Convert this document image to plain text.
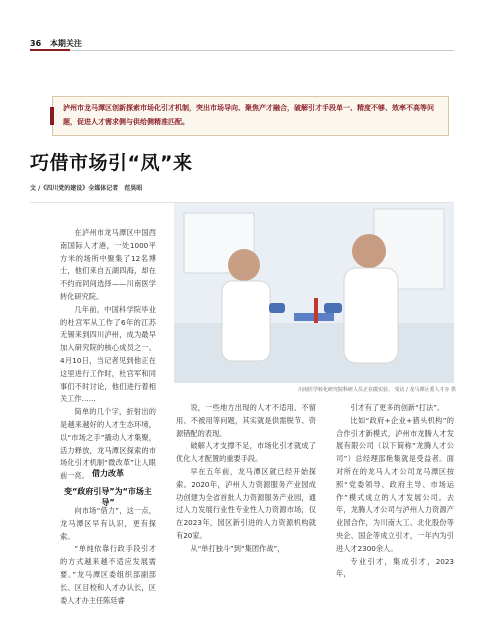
36 本期关注

泸州市龙马潭区创新探索市场化引才机制，突出市场导向、聚焦产才融合，破解引才手段单一、精度不够、效率不高等问题，促进人才需求侧与供给侧精准匹配。

巧借市场引“凤”来
文 /《四川党的建设》全媒体记者　范昊昭

在泸州市龙马潭区中国西南国际人才港，一处1000平方米的场所中聚集了12名博士，他们来自五湖四海，却在不约而同间选择——川南医学转化研究院。

几年前，中国科学院毕业的杜宫军从工作了6年的江苏无锡来到四川泸州，成为最早加入研究院的核心成员之一。4月10日，当记者见到他正在这里进行工作时，杜宫军和同事们不时讨论，他们进行着相关工作……

简单的几个字，折射出的是越来越好的人才生态环境，以“市场之手”撬动人才集聚，活力释放，龙马潭区探索的市场化引才机制“微改革”让人眼前一亮。 借力改革
变“政府引导”为“市场主导”

向市场“借力”，这一点，龙马潭区早有认识，更有探索。

“单纯依靠行政手段引才的方式越来越不适应发展需要。”龙马潭区委组织部副部长、区目校和人才办认长，区委人才办主任陈廷睿

川南医学转化研究院科研人员正在做实验。 受访 / 龙马潭区委人才办 供

说，一些地方出现的人才不适用、不留用、不被用等问题，其实就是供需脱节、资源错配的表现。

破解人才支撑不足，市场化引才就成了优化人才配置的重要手段。

早在五年前，龙马潭区就已经开始探索。2020年，泸州人力资源服务产业园成功创建为全省首批人力资源服务产业园，通过人力发展行业性专业性人力资源市场，仅在2023年，园区新引进的人力资源机构就有20家。

从“单打独斗”到“集团作战”，

引才有了更多的创新“打法”。

比如“政府+企业+猎头机构”的合作引才新模式，泸州市龙腾人才发展有限公司（以下简称“龙腾人才公司”）总经理邵艳集就是受益者。面对所在的龙马人才公司龙马潭区按照“党委领导、政府主导、市场运作”模式成立的人才发展公司。去年，龙腾人才公司与泸州人力资源产业园合作，为川南大工、北化股份等央企、国企等成立引才，一年内为引进人才2300余人。

专业引才，集成引才，2023年，
